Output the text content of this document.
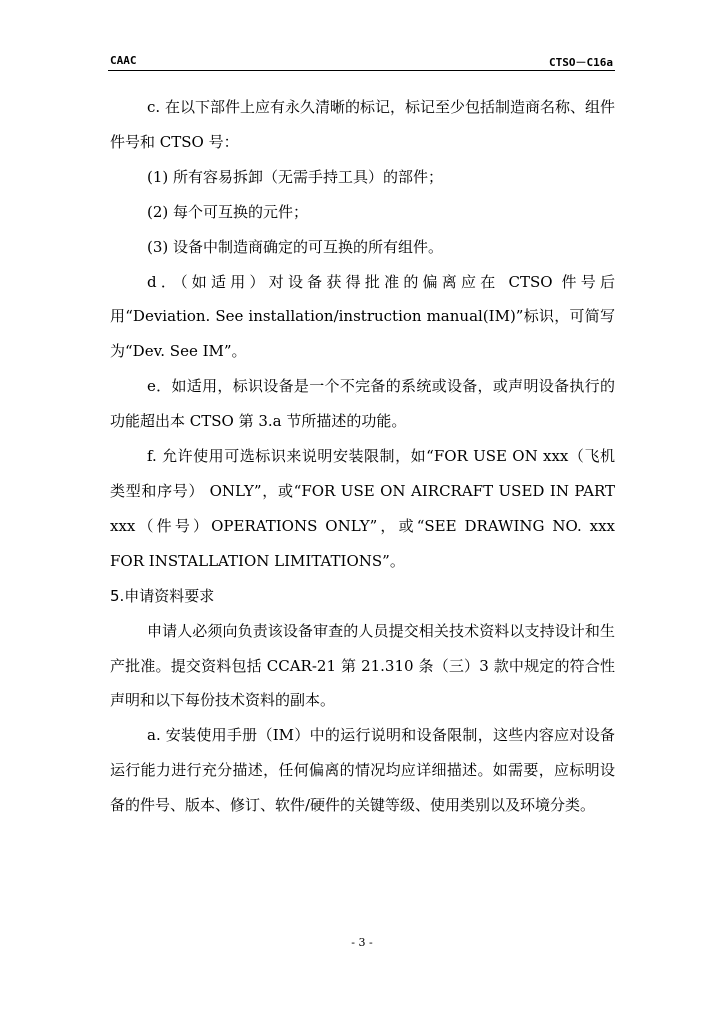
CAAC	CTSO－C16a

c. 在以下部件上应有永久清晰的标记，标记至少包括制造商名称、组件件号和 CTSO 号：

(1) 所有容易拆卸（无需手持工具）的部件；

(2) 每个可互换的元件；

(3) 设备中制造商确定的可互换的所有组件。

d．（如适用）对设备获得批准的偏离应在 CTSO 件号后用“Deviation. See installation/instruction manual(IM)”标识，可简写为“Dev. See IM”。

e．如适用，标识设备是一个不完备的系统或设备，或声明设备执行的功能超出本 CTSO 第 3.a 节所描述的功能。

f. 允许使用可选标识来说明安装限制，如“FOR USE ON xxx（飞机类型和序号） ONLY”，或“FOR USE ON AIRCRAFT USED IN PART xxx（件号）OPERATIONS ONLY”，或“SEE DRAWING NO. xxx FOR INSTALLATION LIMITATIONS”。

5.申请资料要求

申请人必须向负责该设备审查的人员提交相关技术资料以支持设计和生产批准。提交资料包括 CCAR-21 第 21.310 条（三）3 款中规定的符合性声明和以下每份技术资料的副本。

a. 安装使用手册（IM）中的运行说明和设备限制，这些内容应对设备运行能力进行充分描述，任何偏离的情况均应详细描述。如需要，应标明设备的件号、版本、修订、软件/硬件的关键等级、使用类别以及环境分类。

- 3 -
